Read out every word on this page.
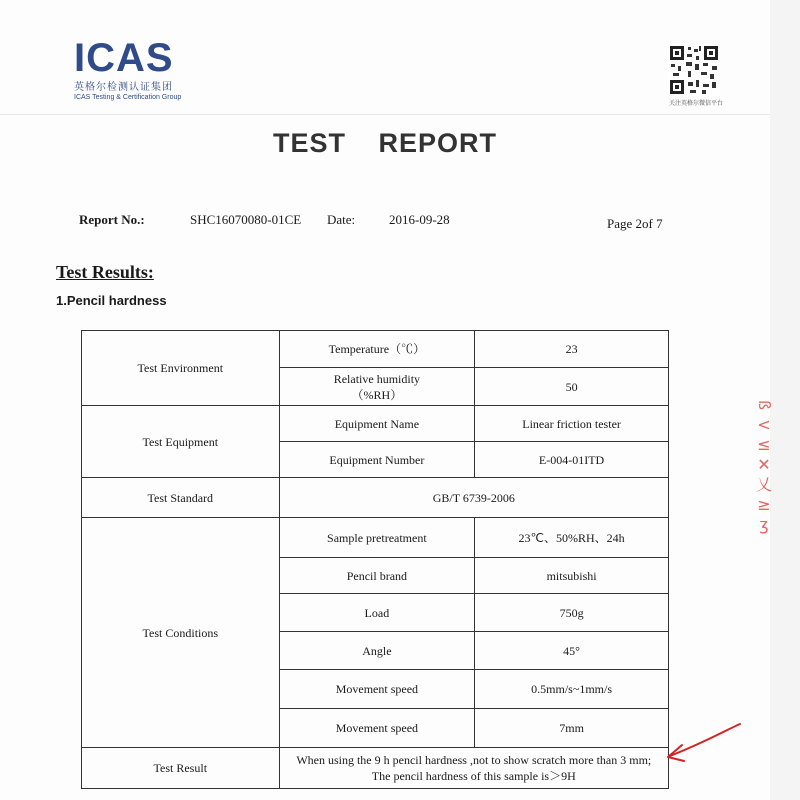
ICAS
英格尔检测认证集团
ICAS Testing & Certification Group
关注英格尔微信平台
TEST REPORT
Report No.:	SHC16070080-01CE Date:	2016-09-28	Page 2of 7
Test Results:
1.Pencil hardness
Test Environment	Temperature（℃）	23

	Relative humidity
（%RH）	50
Test Equipment	Equipment Name	Linear friction tester
	Equipment Number	E-004-01ITD
Test Standard	GB/T 6739-2006	
Test Conditions	Sample pretreatment	23℃、50%RH、24h
	Pencil brand	mitsubishi
	Load	750g
	Angle	45°
	Movement speed	0.5mm/s~1mm/s
	Movement speed	7mm
Test Result	When using the 9 h pencil hardness ,not to show scratch more than 3 mm;
The pencil hardness of this sample is＞9H	
ß
<
≤
✕
乂
≥
ʒ
